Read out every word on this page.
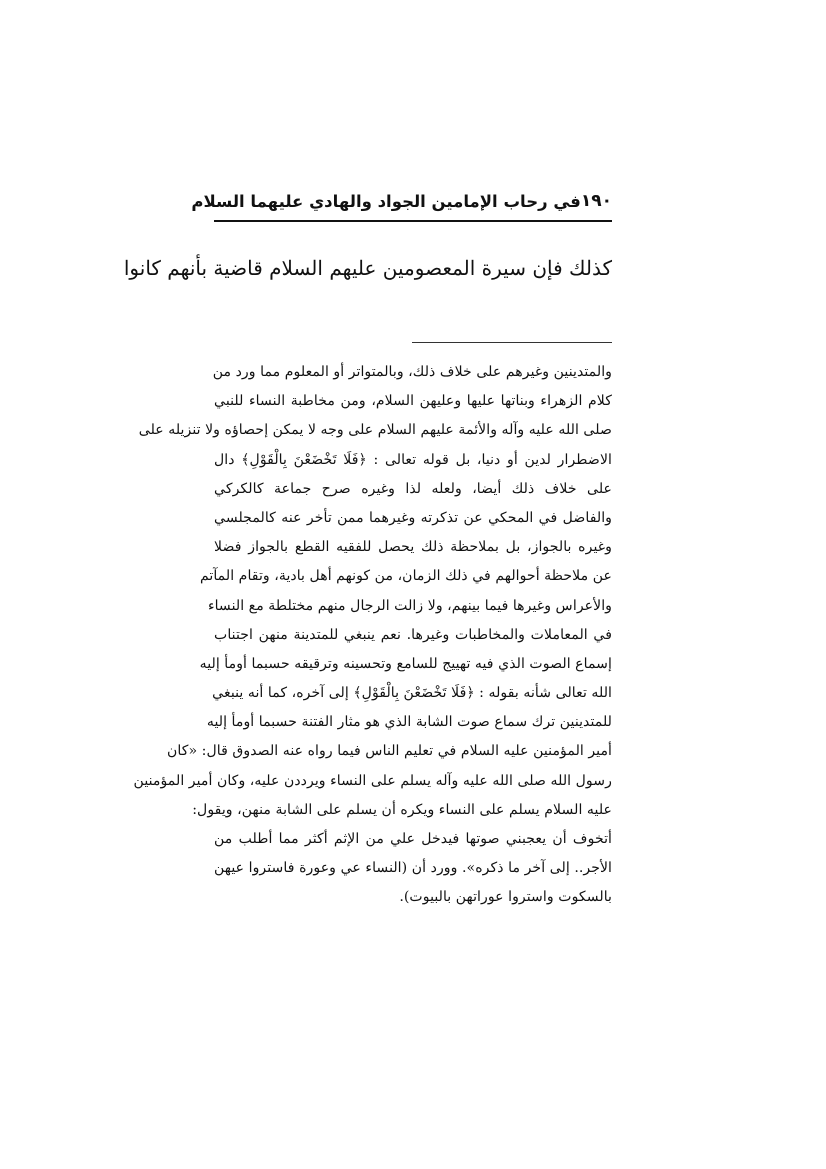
١٩٠
في رحاب الإمامين الجواد والهادي عليهما السلام
كذلك فإن سيرة المعصومين عليهم السلام قاضية بأنهم كانوا
والمتدينين وغيرهم على خلاف ذلك، وبالمتواتر أو المعلوم مما ورد من
كلام الزهراء وبناتها عليها وعليهن السلام، ومن مخاطبة النساء للنبي
صلى الله عليه وآله والأئمة عليهم السلام على وجه لا يمكن إحصاؤه ولا تنزيله على
الاضطرار لدين أو دنيا، بل قوله تعالى : ﴿فَلَا تَخْضَعْنَ بِالْقَوْلِ﴾ دال
على خلاف ذلك أيضا، ولعله لذا وغيره صرح جماعة كالكركي
والفاضل في المحكي عن تذكرته وغيرهما ممن تأخر عنه كالمجلسي
وغيره بالجواز، بل بملاحظة ذلك يحصل للفقيه القطع بالجواز فضلا
عن ملاحظة أحوالهم في ذلك الزمان، من كونهم أهل بادية، وتقام المآتم
والأعراس وغيرها فيما بينهم، ولا زالت الرجال منهم مختلطة مع النساء
في المعاملات والمخاطبات وغيرها. نعم ينبغي للمتدينة منهن اجتناب
إسماع الصوت الذي فيه تهييج للسامع وتحسينه وترقيقه حسبما أومأ إليه
الله تعالى شأنه بقوله : ﴿فَلَا تَخْضَعْنَ بِالْقَوْلِ﴾ إلى آخره، كما أنه ينبغي
للمتدينين ترك سماع صوت الشابة الذي هو مثار الفتنة حسبما أومأ إليه
أمير المؤمنين عليه السلام في تعليم الناس فيما رواه عنه الصدوق قال: «كان
رسول الله صلى الله عليه وآله يسلم على النساء ويرددن عليه، وكان أمير المؤمنين
عليه السلام يسلم على النساء ويكره أن يسلم على الشابة منهن، ويقول:
أتخوف أن يعجبني صوتها فيدخل علي من الإثم أكثر مما أطلب من
الأجر.. إلى آخر ما ذكره». وورد أن (النساء عي وعورة فاستروا عيهن
بالسكوت واستروا عوراتهن بالبيوت).
